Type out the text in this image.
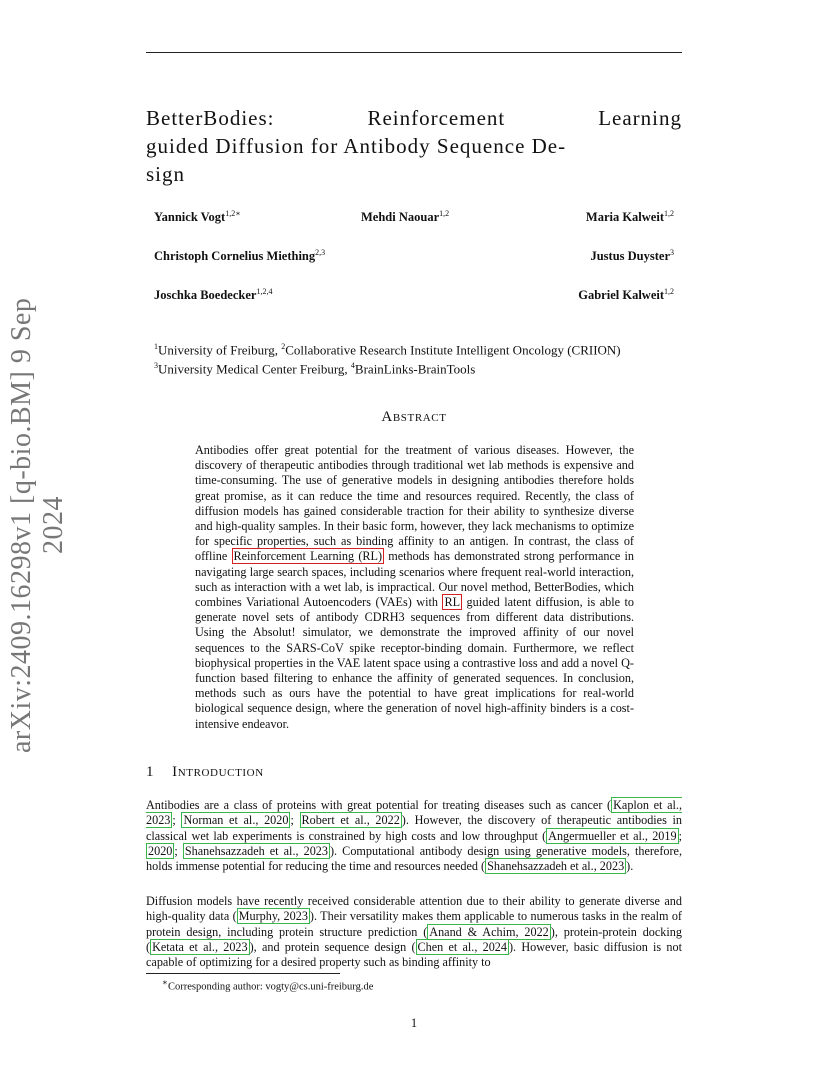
arXiv:2409.16298v1 [q-bio.BM] 9 Sep 2024
BetterBodies:	Reinforcement	Learning
guided Diffusion for Antibody Sequence De-
sign
Yannick Vogt$^{1,2∗}$	Mehdi Naouar$^{1,2}$	Maria Kalweit$^{1,2}$
Christoph Cornelius Miething$^{2,3}$	Justus Duyster$^3$
Joschka Boedecker$^{1,2,4}$	Gabriel Kalweit$^{1,2}$
$^1$University of Freiburg, $^2$Collaborative Research Institute Intelligent Oncology (CRIION)
$^3$University Medical Center Freiburg, $^4$BrainLinks-BrainTools
Abstract
Antibodies offer great potential for the treatment of various diseases. However, the discovery of therapeutic antibodies through traditional wet lab methods is expensive and time-consuming. The use of generative models in designing antibodies therefore holds great promise, as it can reduce the time and resources required. Recently, the class of diffusion models has gained considerable traction for their ability to synthesize diverse and high-quality samples. In their basic form, however, they lack mechanisms to optimize for specific properties, such as binding affinity to an antigen. In contrast, the class of offline Reinforcement Learning (RL) methods has demonstrated strong performance in navigating large search spaces, including scenarios where frequent real-world interaction, such as interaction with a wet lab, is impractical. Our novel method, BetterBodies, which combines Variational Autoencoders (VAEs) with RL guided latent diffusion, is able to generate novel sets of antibody CDRH3 sequences from different data distributions. Using the Absolut! simulator, we demonstrate the improved affinity of our novel sequences to the SARS-CoV spike receptor-binding domain. Furthermore, we reflect biophysical properties in the VAE latent space using a contrastive loss and add a novel Q-function based filtering to enhance the affinity of generated sequences. In conclusion, methods such as ours have the potential to have great implications for real-world biological sequence design, where the generation of novel high-affinity binders is a cost-intensive endeavor.
1 Introduction
Antibodies are a class of proteins with great potential for treating diseases such as cancer ( Kaplon et al., 2023 ; Norman et al., 2020 ; Robert et al., 2022 ). However, the discovery of therapeutic antibodies in classical wet lab experiments is constrained by high costs and low throughput ( Angermueller et al., 2019 ; 2020 ; Shanehsazzadeh et al., 2023 ). Computational antibody design using generative models, therefore, holds immense potential for reducing the time and resources needed ( Shanehsazzadeh et al., 2023 ).
Diffusion models have recently received considerable attention due to their ability to generate diverse and high-quality data ( Murphy, 2023 ). Their versatility makes them applicable to numerous tasks in the realm of protein design, including protein structure prediction ( Anand & Achim, 2022 ), protein-protein docking ( Ketata et al., 2023 ), and protein sequence design ( Chen et al., 2024 ). However, basic diffusion is not capable of optimizing for a desired property such as binding affinity to
∗Corresponding author: vogty@cs.uni-freiburg.de
1
